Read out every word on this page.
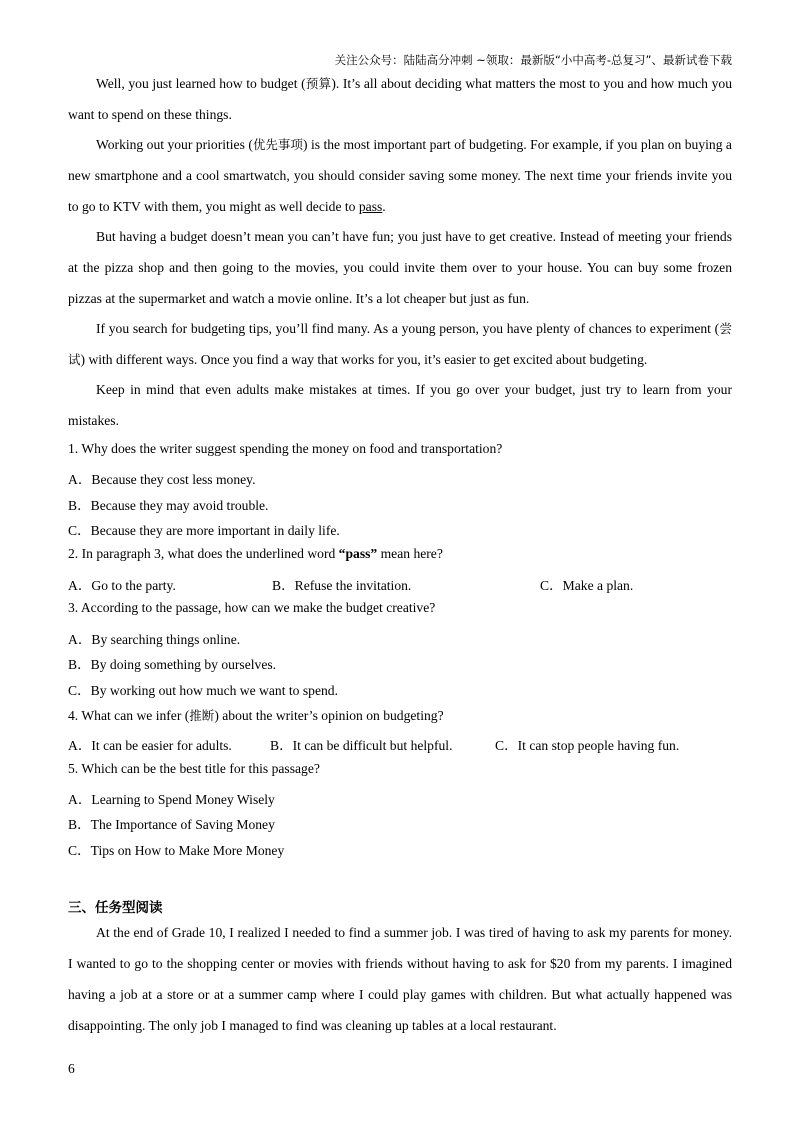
关注公众号：陆陆高分冲刺 ~领取：最新版“小中高考-总复习”、最新试卷下载

Well, you just learned how to budget (预算). It’s all about deciding what matters the most to you and how much you want to spend on these things.

Working out your priorities (优先事项) is the most important part of budgeting. For example, if you plan on buying a new smartphone and a cool smartwatch, you should consider saving some money. The next time your friends invite you to go to KTV with them, you might as well decide to pass.

But having a budget doesn’t mean you can’t have fun; you just have to get creative. Instead of meeting your friends at the pizza shop and then going to the movies, you could invite them over to your house. You can buy some frozen pizzas at the supermarket and watch a movie online. It’s a lot cheaper but just as fun.

If you search for budgeting tips, you’ll find many. As a young person, you have plenty of chances to experiment (尝试) with different ways. Once you find a way that works for you, it’s easier to get excited about budgeting.

Keep in mind that even adults make mistakes at times. If you go over your budget, just try to learn from your mistakes.

1. Why does the writer suggest spending the money on food and transportation?
A．Because they cost less money.
B．Because they may avoid trouble.
C．Because they are more important in daily life.
2. In paragraph 3, what does the underlined word “pass” mean here?
A．Go to the party.	B．Refuse the invitation.	C．Make a plan.
3. According to the passage, how can we make the budget creative?
A．By searching things online.
B．By doing something by ourselves.
C．By working out how much we want to spend.
4. What can we infer (推断) about the writer’s opinion on budgeting?
A．It can be easier for adults.	B．It can be difficult but helpful.	C．It can stop people having fun.
5. Which can be the best title for this passage?
A．Learning to Spend Money Wisely
B．The Importance of Saving Money
C．Tips on How to Make More Money
三、任务型阅读

At the end of Grade 10, I realized I needed to find a summer job. I was tired of having to ask my parents for money. I wanted to go to the shopping center or movies with friends without having to ask for $20 from my parents. I imagined having a job at a store or at a summer camp where I could play games with children. But what actually happened was disappointing. The only job I managed to find was cleaning up tables at a local restaurant.

6
